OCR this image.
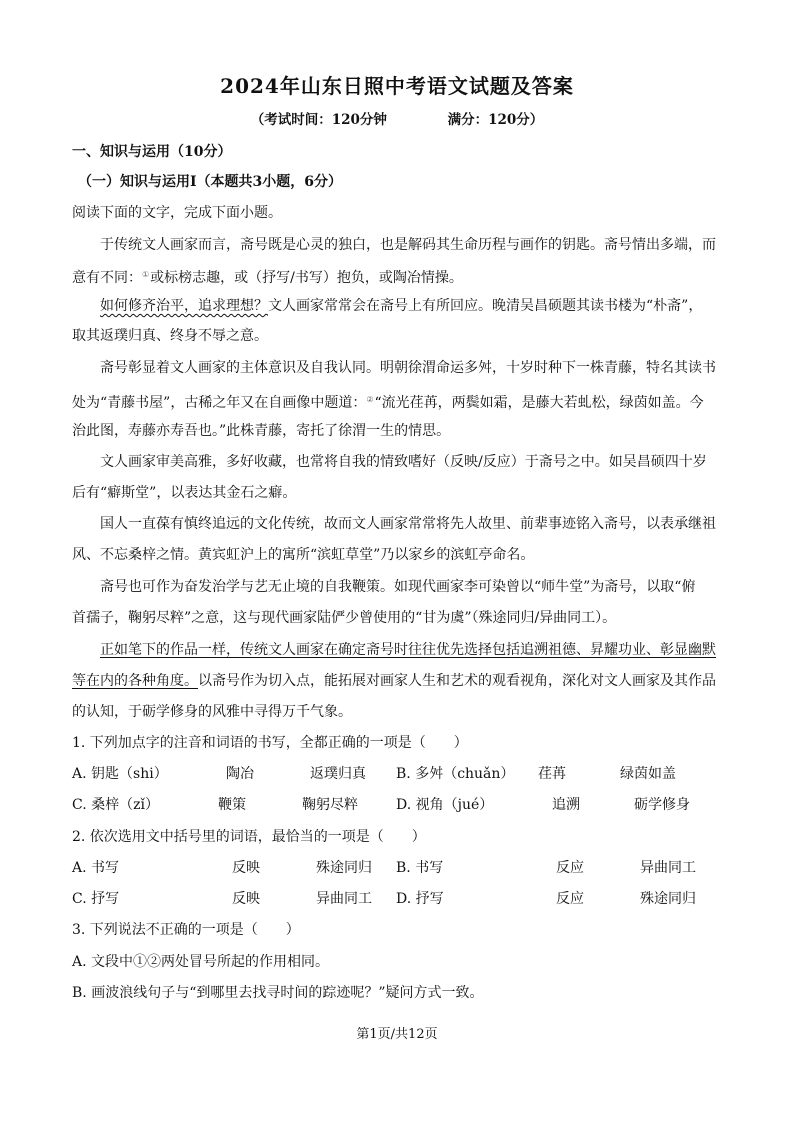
2024年山东日照中考语文试题及答案
（考试时间：120分钟	满分：120分）
一、知识与运用（10分）
（一）知识与运用Ⅰ（本题共3小题，6分）
阅读下面的文字，完成下面小题。
于传统文人画家而言，斋号既是心灵的独白，也是解码其生命历程与画作的钥匙。斋号情出多端，而
意有不同：①或标榜志趣，或（抒写/书写）抱负，或陶冶情操。
如何修齐治平，追求理想？文人画家常常会在斋号上有所回应。晚清吴昌硕题其读书楼为“朴斋”，
取其返璞归真、终身不辱之意。
斋号彰显着文人画家的主体意识及自我认同。明朝徐渭命运多舛，十岁时种下一株青藤，特名其读书
处为“青藤书屋”，古稀之年又在自画像中题道：②“流光荏苒，两鬓如霜，是藤大若虬松，绿茵如盖。今
治此图，寿藤亦寿吾也。”此株青藤，寄托了徐渭一生的情思。
文人画家审美高雅，多好收藏，也常将自我的情致嗜好（反映/反应）于斋号之中。如吴昌硕四十岁
后有“癖斯堂”，以表达其金石之癖。
国人一直葆有慎终追远的文化传统，故而文人画家常常将先人故里、前辈事迹铭入斋号，以表承继祖
风、不忘桑梓之情。黄宾虹沪上的寓所“滨虹草堂”乃以家乡的滨虹亭命名。
斋号也可作为奋发治学与艺无止境的自我鞭策。如现代画家李可染曾以“师牛堂”为斋号，以取“俯
首孺子，鞠躬尽粹”之意，这与现代画家陆俨少曾使用的“甘为虞”（殊途同归/异曲同工）。
正如笔下的作品一样，传统文人画家在确定斋号时往往优先选择包括追溯祖德、昇耀功业、彰显幽默
等在内的各种角度。以斋号作为切入点，能拓展对画家人生和艺术的观看视角，深化对文人画家及其作品
的认知，于砺学修身的风雅中寻得万千气象。
1. 下列加点字的注音和词语的书写，全都正确的一项是（　　）
A. 钥匙（shi）	陶冶	返璞归真 B. 多舛（chuǎn） 荏苒	绿茵如盖
C. 桑梓（zǐ）	鞭策	鞠躬尽粹	D. 视角（jué）	追溯	砺学修身
2. 依次选用文中括号里的词语，最恰当的一项是（　　）
A. 书写	反映	殊途同归 B. 书写	反应	异曲同工
C. 抒写	反映	异曲同工 D. 抒写	反应	殊途同归
3. 下列说法不正确的一项是（　　）
A. 文段中①②两处冒号所起的作用相同。
B. 画波浪线句子与“到哪里去找寻时间的踪迹呢？”疑问方式一致。
第1页/共12页
